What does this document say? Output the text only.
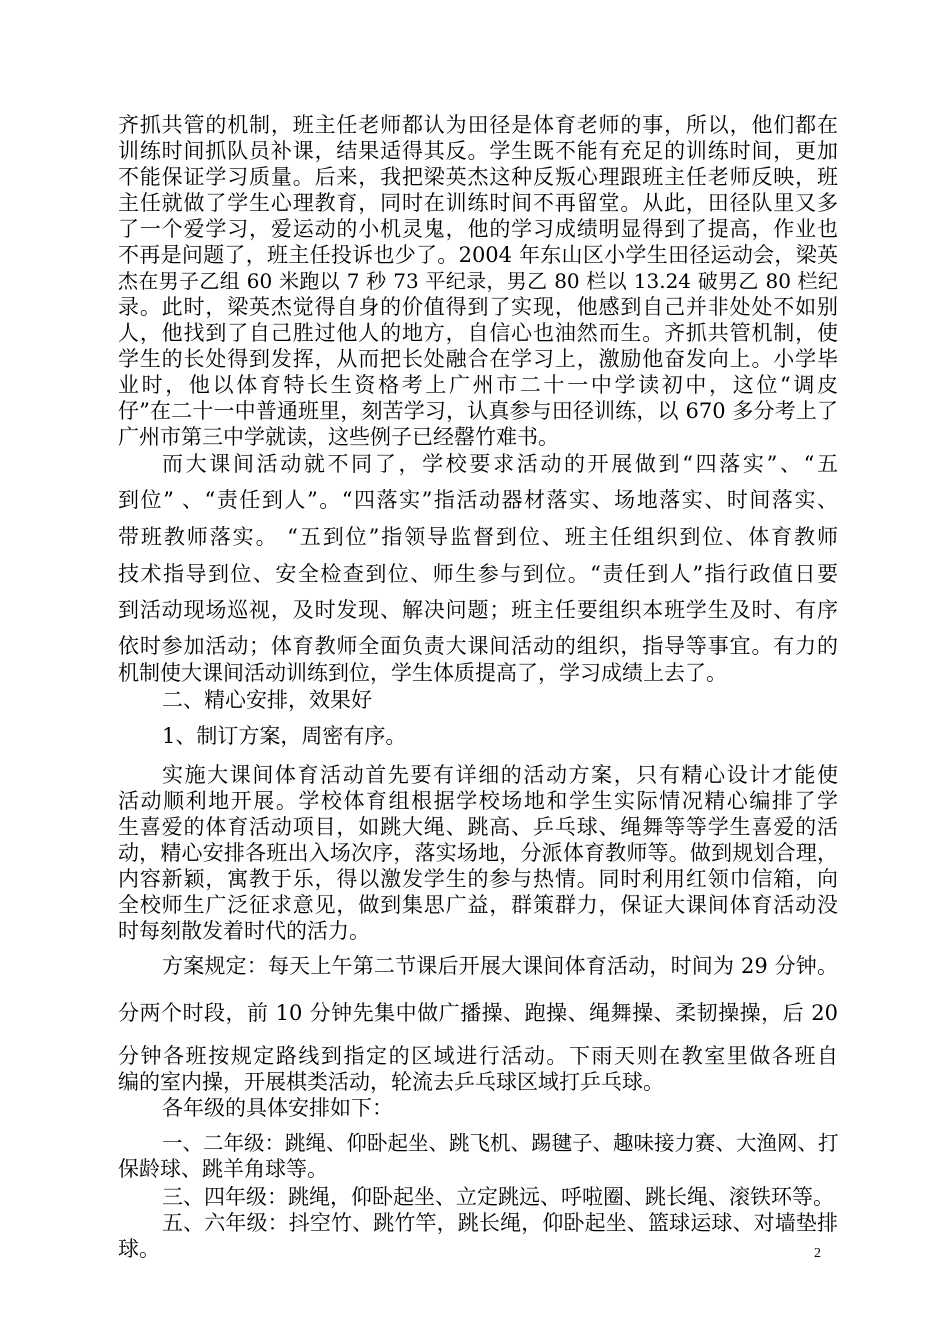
齐抓共管的机制，班主任老师都认为田径是体育老师的事，所以，他们都在
训练时间抓队员补课，结果适得其反。学生既不能有充足的训练时间，更加
不能保证学习质量。后来，我把梁英杰这种反叛心理跟班主任老师反映，班
主任就做了学生心理教育，同时在训练时间不再留堂。从此，田径队里又多
了一个爱学习，爱运动的小机灵鬼，他的学习成绩明显得到了提高，作业也
不再是问题了，班主任投诉也少了。2004 年东山区小学生田径运动会，梁英
杰在男子乙组 60 米跑以 7 秒 73 平纪录，男乙 80 栏以 13.24 破男乙 80 栏纪
录。此时，梁英杰觉得自身的价值得到了实现，他感到自己并非处处不如别
人，他找到了自己胜过他人的地方，自信心也油然而生。齐抓共管机制，使
学生的长处得到发挥，从而把长处融合在学习上，激励他奋发向上。小学毕
业时，他以体育特长生资格考上广州市二十一中学读初中，这位“调皮
仔”在二十一中普通班里，刻苦学习，认真参与田径训练，以 670 多分考上了
广州市第三中学就读，这些例子已经罄竹难书。
而大课间活动就不同了，学校要求活动的开展做到“四落实”、“五
到位” 、“责任到人”。“四落实”指活动器材落实、场地落实、时间落实、
带班教师落实。 “五到位”指领导监督到位、班主任组织到位、体育教师
技术指导到位、安全检查到位、师生参与到位。“责任到人”指行政值日要
到活动现场巡视，及时发现、解决问题；班主任要组织本班学生及时、有序
依时参加活动；体育教师全面负责大课间活动的组织，指导等事宜。有力的
机制使大课间活动训练到位，学生体质提高了，学习成绩上去了。
二、精心安排，效果好
1、制订方案，周密有序。
实施大课间体育活动首先要有详细的活动方案，只有精心设计才能使
活动顺利地开展。学校体育组根据学校场地和学生实际情况精心编排了学
生喜爱的体育活动项目，如跳大绳、跳高、乒乓球、绳舞等等学生喜爱的活
动，精心安排各班出入场次序，落实场地，分派体育教师等。做到规划合理，
内容新颖，寓教于乐，得以激发学生的参与热情。同时利用红领巾信箱，向
全校师生广泛征求意见，做到集思广益，群策群力，保证大课间体育活动没
时每刻散发着时代的活力。
方案规定：每天上午第二节课后开展大课间体育活动，时间为 29 分钟。
分两个时段，前 10 分钟先集中做广播操、跑操、绳舞操、柔韧操操，后 20
分钟各班按规定路线到指定的区域进行活动。下雨天则在教室里做各班自
编的室内操，开展棋类活动，轮流去乒乓球区域打乒乓球。
各年级的具体安排如下：
一、二年级：跳绳、仰卧起坐、跳飞机、踢毽子、趣味接力赛、大渔网、打
保龄球、跳羊角球等。
三、四年级：跳绳，仰卧起坐、立定跳远、呼啦圈、跳长绳、滚铁环等。
五、六年级：抖空竹、跳竹竿，跳长绳，仰卧起坐、篮球运球、对墙垫排
球。	2
